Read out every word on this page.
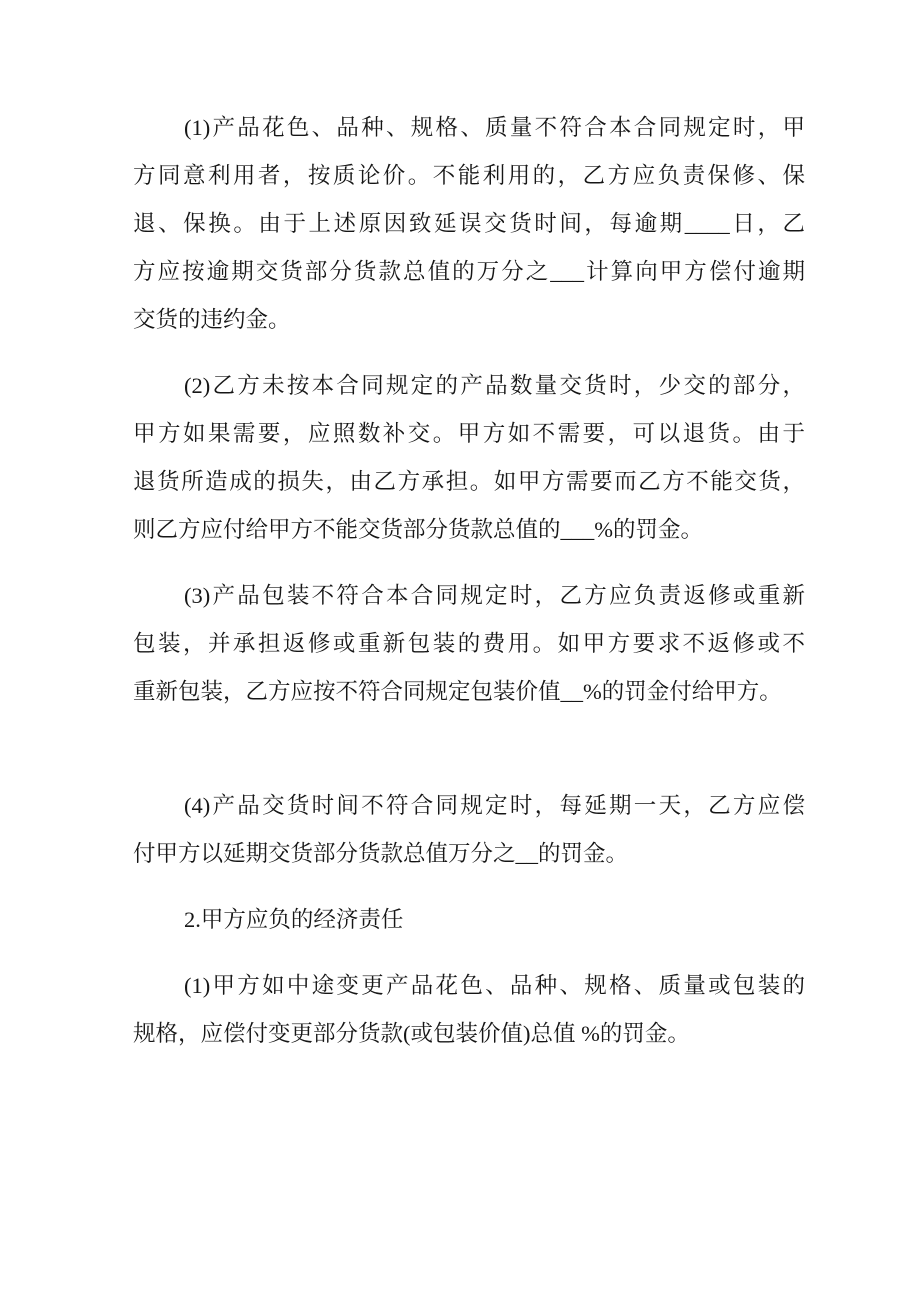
(1)产品花色、品种、规格、质量不符合本合同规定时，甲
方同意利用者，按质论价。不能利用的，乙方应负责保修、保
退、保换。由于上述原因致延误交货时间，每逾期____日，乙
方应按逾期交货部分货款总值的万分之___计算向甲方偿付逾期
交货的违约金。
(2)乙方未按本合同规定的产品数量交货时，少交的部分，
甲方如果需要，应照数补交。甲方如不需要，可以退货。由于
退货所造成的损失，由乙方承担。如甲方需要而乙方不能交货，
则乙方应付给甲方不能交货部分货款总值的___%的罚金。
(3)产品包装不符合本合同规定时，乙方应负责返修或重新
包装，并承担返修或重新包装的费用。如甲方要求不返修或不
重新包装，乙方应按不符合同规定包装价值__%的罚金付给甲方。
(4)产品交货时间不符合同规定时，每延期一天，乙方应偿
付甲方以延期交货部分货款总值万分之__的罚金。
2.甲方应负的经济责任
(1)甲方如中途变更产品花色、品种、规格、质量或包装的
规格，应偿付变更部分货款(或包装价值)总值 %的罚金。
